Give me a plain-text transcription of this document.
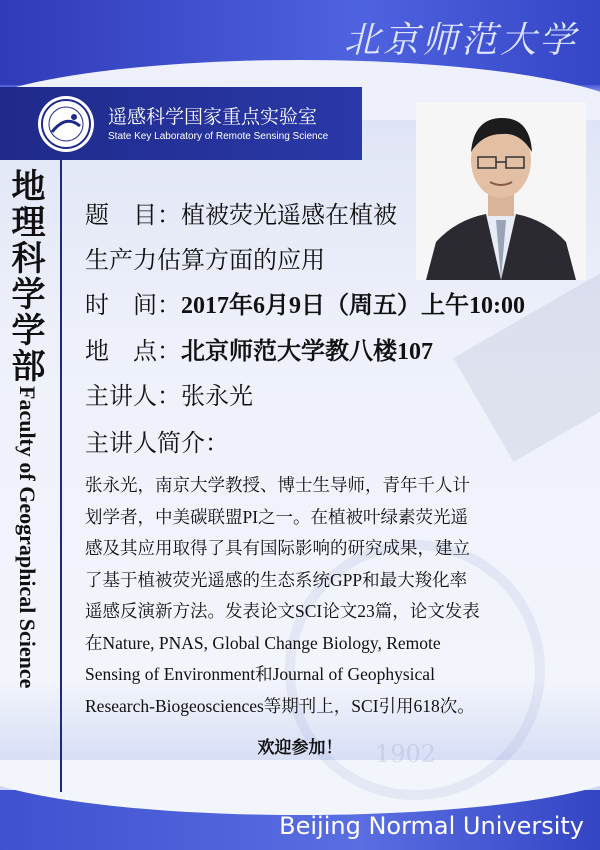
1902
北京师范大学
遥感科学国家重点实验室
State Key Laboratory of Remote Sensing Science
地理科学学部
Faculty of Geographical Science
题　目：植被荧光遥感在植被
生产力估算方面的应用
时　间：2017年6月9日（周五）上午10:00
地　点：北京师范大学教八楼107
主讲人：张永光
主讲人简介：
张永光，南京大学教授、博士生导师，青年千人计
划学者，中美碳联盟PI之一。在植被叶绿素荧光遥
感及其应用取得了具有国际影响的研究成果，建立
了基于植被荧光遥感的生态系统GPP和最大羧化率
遥感反演新方法。发表论文SCI论文23篇，论文发表
在Nature, PNAS, Global Change Biology, Remote
Sensing of Environment和Journal of Geophysical
Research-Biogeosciences等期刊上，SCI引用618次。
欢迎参加！
Beijing Normal University
